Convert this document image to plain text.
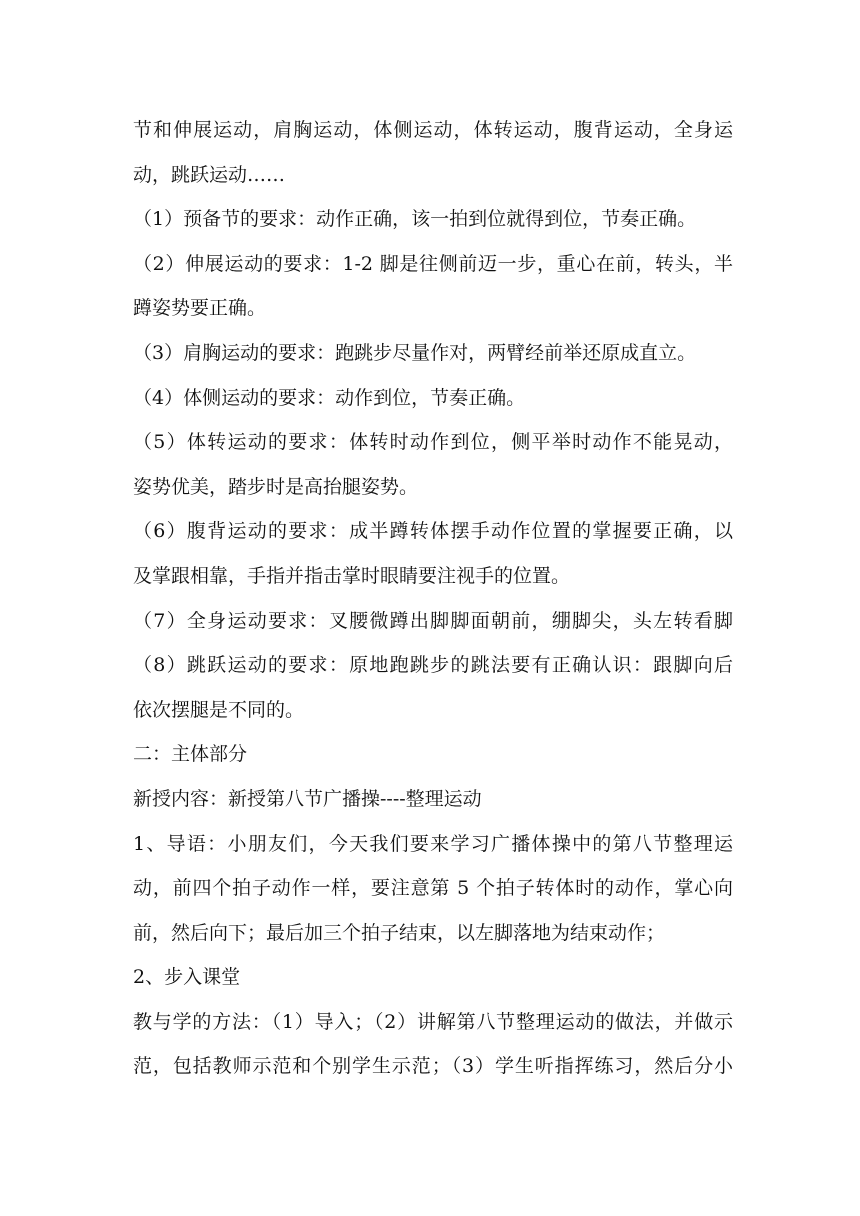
节和伸展运动，肩胸运动，体侧运动，体转运动，腹背运动，全身运
动，跳跃运动……
（1）预备节的要求：动作正确，该一拍到位就得到位，节奏正确。
（2）伸展运动的要求：1-2 脚是往侧前迈一步，重心在前，转头，半
蹲姿势要正确。
（3）肩胸运动的要求：跑跳步尽量作对，两臂经前举还原成直立。
（4）体侧运动的要求：动作到位，节奏正确。
（5）体转运动的要求：体转时动作到位，侧平举时动作不能晃动，
姿势优美，踏步时是高抬腿姿势。
（6）腹背运动的要求：成半蹲转体摆手动作位置的掌握要正确，以
及掌跟相靠，手指并指击掌时眼睛要注视手的位置。
（7）全身运动要求：叉腰微蹲出脚脚面朝前，绷脚尖，头左转看脚
（8）跳跃运动的要求：原地跑跳步的跳法要有正确认识：跟脚向后
依次摆腿是不同的。
二：主体部分
新授内容：新授第八节广播操----整理运动
1、导语：小朋友们，今天我们要来学习广播体操中的第八节整理运
动，前四个拍子动作一样，要注意第 5 个拍子转体时的动作，掌心向
前，然后向下；最后加三个拍子结束，以左脚落地为结束动作；
2、步入课堂
教与学的方法：（1）导入；（2）讲解第八节整理运动的做法，并做示
范，包括教师示范和个别学生示范；（3）学生听指挥练习，然后分小
